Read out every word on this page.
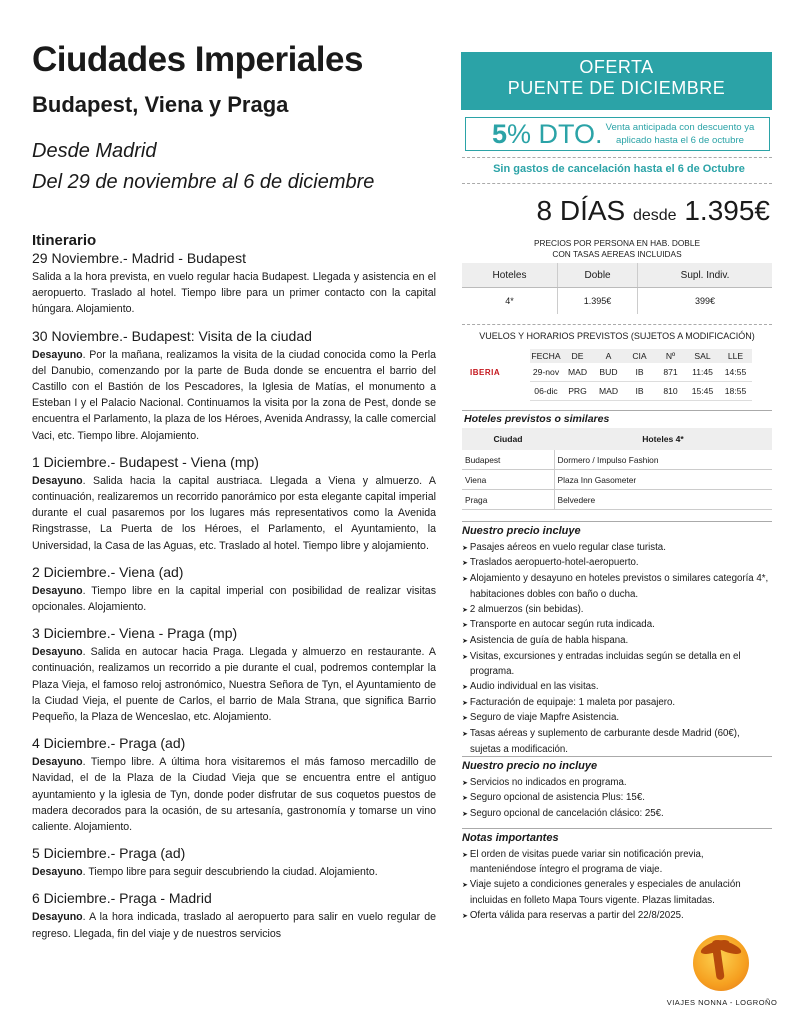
Ciudades Imperiales
Budapest, Viena y Praga
Desde Madrid
Del 29 de noviembre al 6 de diciembre
Itinerario
29 Noviembre.- Madrid - Budapest

Salida a la hora prevista, en vuelo regular hacia Budapest. Llegada y asistencia en el aeropuerto. Traslado al hotel. Tiempo libre para un primer contacto con la capital húngara. Alojamiento.

30 Noviembre.- Budapest: Visita de la ciudad

Desayuno. Por la mañana, realizamos la visita de la ciudad conocida como la Perla del Danubio, comenzando por la parte de Buda donde se encuentra el barrio del Castillo con el Bastión de los Pescadores, la Iglesia de Matías, el monumento a Esteban I y el Palacio Nacional. Continuamos la visita por la zona de Pest, donde se encuentra el Parlamento, la plaza de los Héroes, Avenida Andrassy, la calle comercial Vaci, etc. Tiempo libre. Alojamiento.

1 Diciembre.- Budapest - Viena (mp)

Desayuno. Salida hacia la capital austriaca. Llegada a Viena y almuerzo. A continuación, realizaremos un recorrido panorámico por esta elegante capital imperial durante el cual pasaremos por los lugares más representativos como la Avenida Ringstrasse, La Puerta de los Héroes, el Parlamento, el Ayuntamiento, la Universidad, la Casa de las Aguas, etc. Traslado al hotel. Tiempo libre y alojamiento.

2 Diciembre.- Viena (ad)

Desayuno. Tiempo libre en la capital imperial con posibilidad de realizar visitas opcionales. Alojamiento.

3 Diciembre.- Viena - Praga (mp)

Desayuno. Salida en autocar hacia Praga. Llegada y almuerzo en restaurante. A continuación, realizamos un recorrido a pie durante el cual, podremos contemplar la Plaza Vieja, el famoso reloj astronómico, Nuestra Señora de Tyn, el Ayuntamiento de la Ciudad Vieja, el puente de Carlos, el barrio de Mala Strana, que significa Barrio Pequeño, la Plaza de Wenceslao, etc. Alojamiento.

4 Diciembre.- Praga (ad)

Desayuno. Tiempo libre. A última hora visitaremos el más famoso mercadillo de Navidad, el de la Plaza de la Ciudad Vieja que se encuentra entre el antiguo ayuntamiento y la iglesia de Tyn, donde poder disfrutar de sus coquetos puestos de madera decorados para la ocasión, de su artesanía, gastronomía y tomarse un vino caliente. Alojamiento.

5 Diciembre.- Praga (ad)

Desayuno. Tiempo libre para seguir descubriendo la ciudad. Alojamiento.

6 Diciembre.- Praga - Madrid

Desayuno. A la hora indicada, traslado al aeropuerto para salir en vuelo regular de regreso. Llegada, fin del viaje y de nuestros servicios

OFERTA
PUENTE DE DICIEMBRE
5% DTO. Venta anticipada con descuento ya aplicado hasta el 6 de octubre
Sin gastos de cancelación hasta el 6 de Octubre
8 DÍAS desde 1.395€
PRECIOS POR PERSONA EN HAB. DOBLE
CON TASAS AEREAS INCLUIDAS
Hoteles	Doble	Supl. Indiv.
4*	1.395€	399€
VUELOS Y HORARIOS PREVISTOS (SUJETOS A MODIFICACIÓN)
IBERIA
FECHA	DE	A	CIA	Nº	SAL	LLE
29-nov	MAD	BUD	IB	871	11:45	14:55
06-dic	PRG	MAD	IB	810	15:45	18:55
Hoteles previstos o similares
Ciudad	Hoteles 4*
Budapest	Dormero / Impulso Fashion
Viena	Plaza Inn Gasometer
Praga	Belvedere
Nuestro precio incluye
➤ Pasajes aéreos en vuelo regular clase turista.
➤ Traslados aeropuerto-hotel-aeropuerto.
➤ Alojamiento y desayuno en hoteles previstos o similares categoría 4*, habitaciones dobles con baño o ducha.
➤ 2 almuerzos (sin bebidas).
➤ Transporte en autocar según ruta indicada.
➤ Asistencia de guía de habla hispana.
➤ Visitas, excursiones y entradas incluidas según se detalla en el programa.
➤ Audio individual en las visitas.
➤ Facturación de equipaje: 1 maleta por pasajero.
➤ Seguro de viaje Mapfre Asistencia.
➤ Tasas aéreas y suplemento de carburante desde Madrid (60€), sujetas a modificación.
Nuestro precio no incluye
➤ Servicios no indicados en programa.
➤ Seguro opcional de asistencia Plus: 15€.
➤ Seguro opcional de cancelación clásico: 25€.
Notas importantes
➤ El orden de visitas puede variar sin notificación previa, manteniéndose íntegro el programa de viaje.
➤ Viaje sujeto a condiciones generales y especiales de anulación incluidas en folleto Mapa Tours vigente. Plazas limitadas.
➤ Oferta válida para reservas a partir del 22/8/2025.
VIAJES NONNA - LOGROÑO
